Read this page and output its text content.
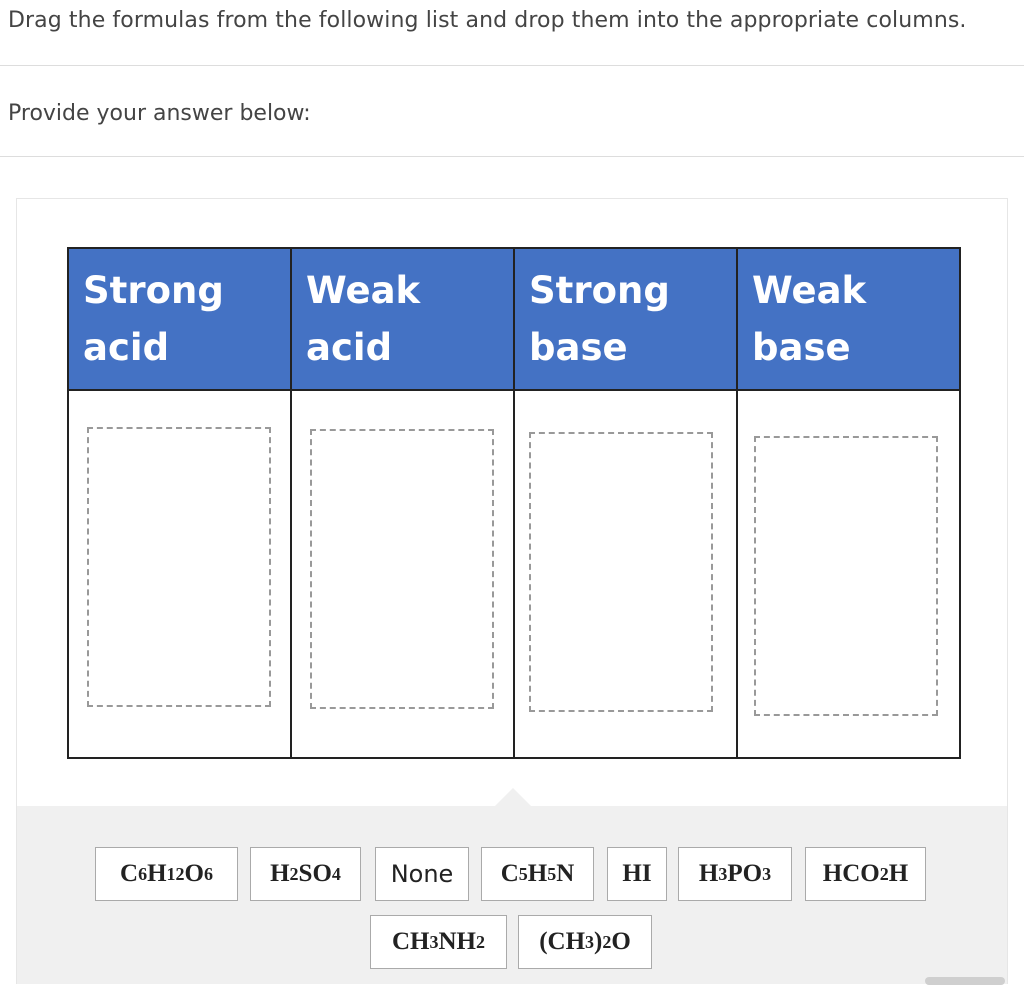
Drag the formulas from the following list and drop them into the appropriate columns.
Provide your answer below:
Strong
acid	Weak
acid	Strong
base	Weak
base

C 6 H 12 O 6	H 2 SO 4	None	C 5 H 5 N	HI	H 3 PO 3	HCO 2 H
CH 3 NH 2	(CH 3 ) 2 O
